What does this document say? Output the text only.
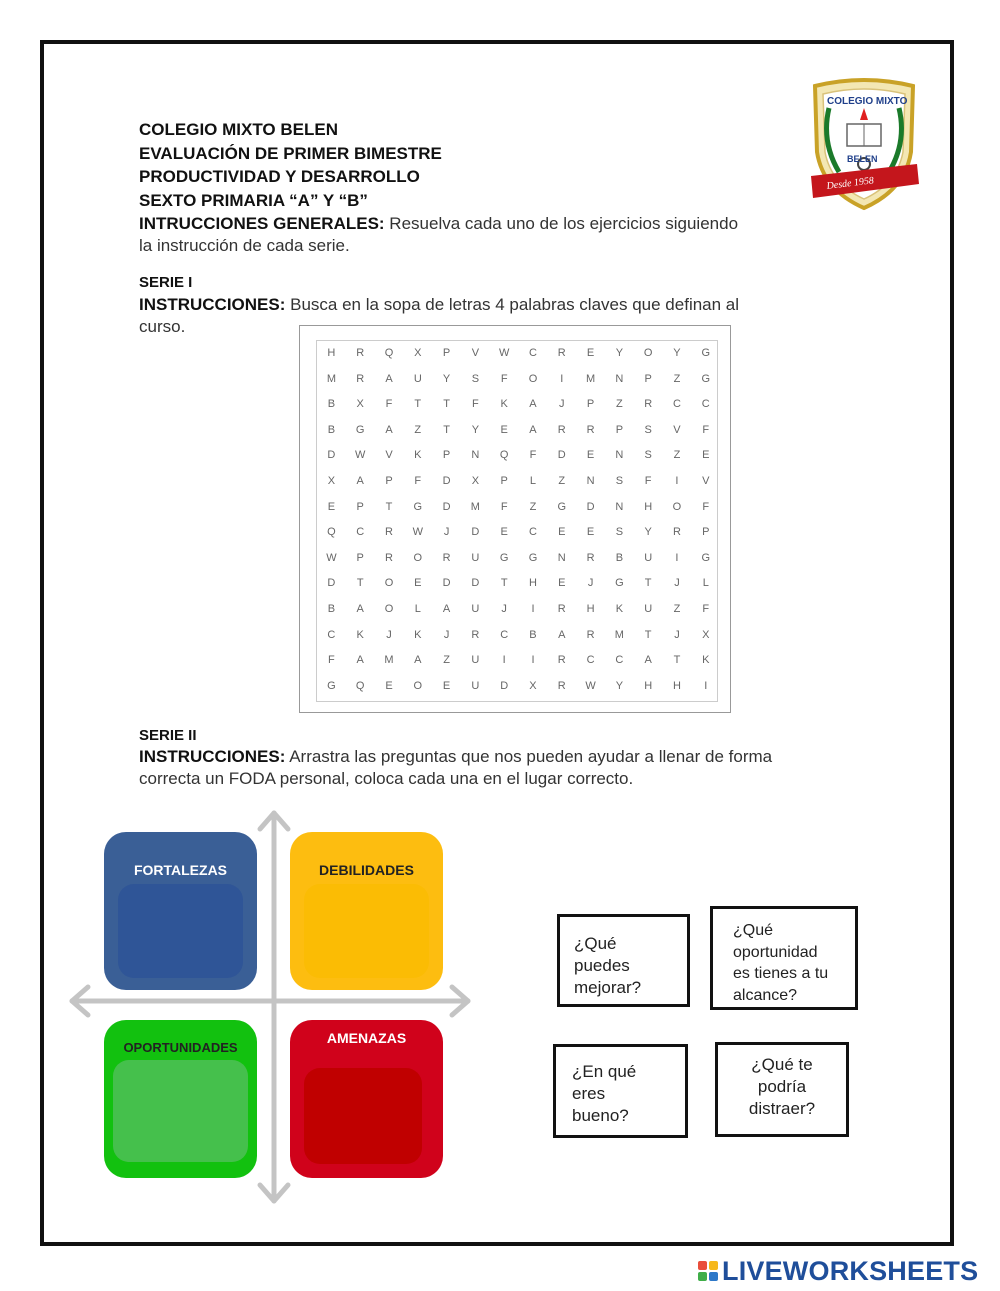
COLEGIO MIXTO
BELEN
Desde 1958
COLEGIO MIXTO BELEN
EVALUACIÓN DE PRIMER BIMESTRE
PRODUCTIVIDAD Y DESARROLLO
SEXTO PRIMARIA “A” Y “B”
INTRUCCIONES GENERALES: Resuelva cada uno de los ejercicios siguiendo
la instrucción de cada serie.
SERIE I
INSTRUCCIONES: Busca en la sopa de letras 4 palabras claves que definan al
curso.
H	R	Q	X	P	V	W	C	R	E	Y	O	Y	G
M	R	A	U	Y	S	F	O	I	M	N	P	Z	G
B	X	F	T	T	F	K	A	J	P	Z	R	C	C
B	G	A	Z	T	Y	E	A	R	R	P	S	V	F
D	W	V	K	P	N	Q	F	D	E	N	S	Z	E
X	A	P	F	D	X	P	L	Z	N	S	F	I	V
E	P	T	G	D	M	F	Z	G	D	N	H	O	F
Q	C	R	W	J	D	E	C	E	E	S	Y	R	P
W	P	R	O	R	U	G	G	N	R	B	U	I	G
D	T	O	E	D	D	T	H	E	J	G	T	J	L
B	A	O	L	A	U	J	I	R	H	K	U	Z	F
C	K	J	K	J	R	C	B	A	R	M	T	J	X
F	A	M	A	Z	U	I	I	R	C	C	A	T	K
G	Q	E	O	E	U	D	X	R	W	Y	H	H	I
SERIE II
INSTRUCCIONES: Arrastra las preguntas que nos pueden ayudar a llenar de forma
correcta un FODA personal, coloca cada una en el lugar correcto.
FORTALEZAS	DEBILIDADES
OPORTUNIDADES
AMENAZAS
¿Qué
puedes
mejorar?
¿Qué
oportunidad
es tienes a tu
alcance?
¿En qué
eres
bueno?
¿Qué te
podría
distraer?
LIVEWORKSHEETS
